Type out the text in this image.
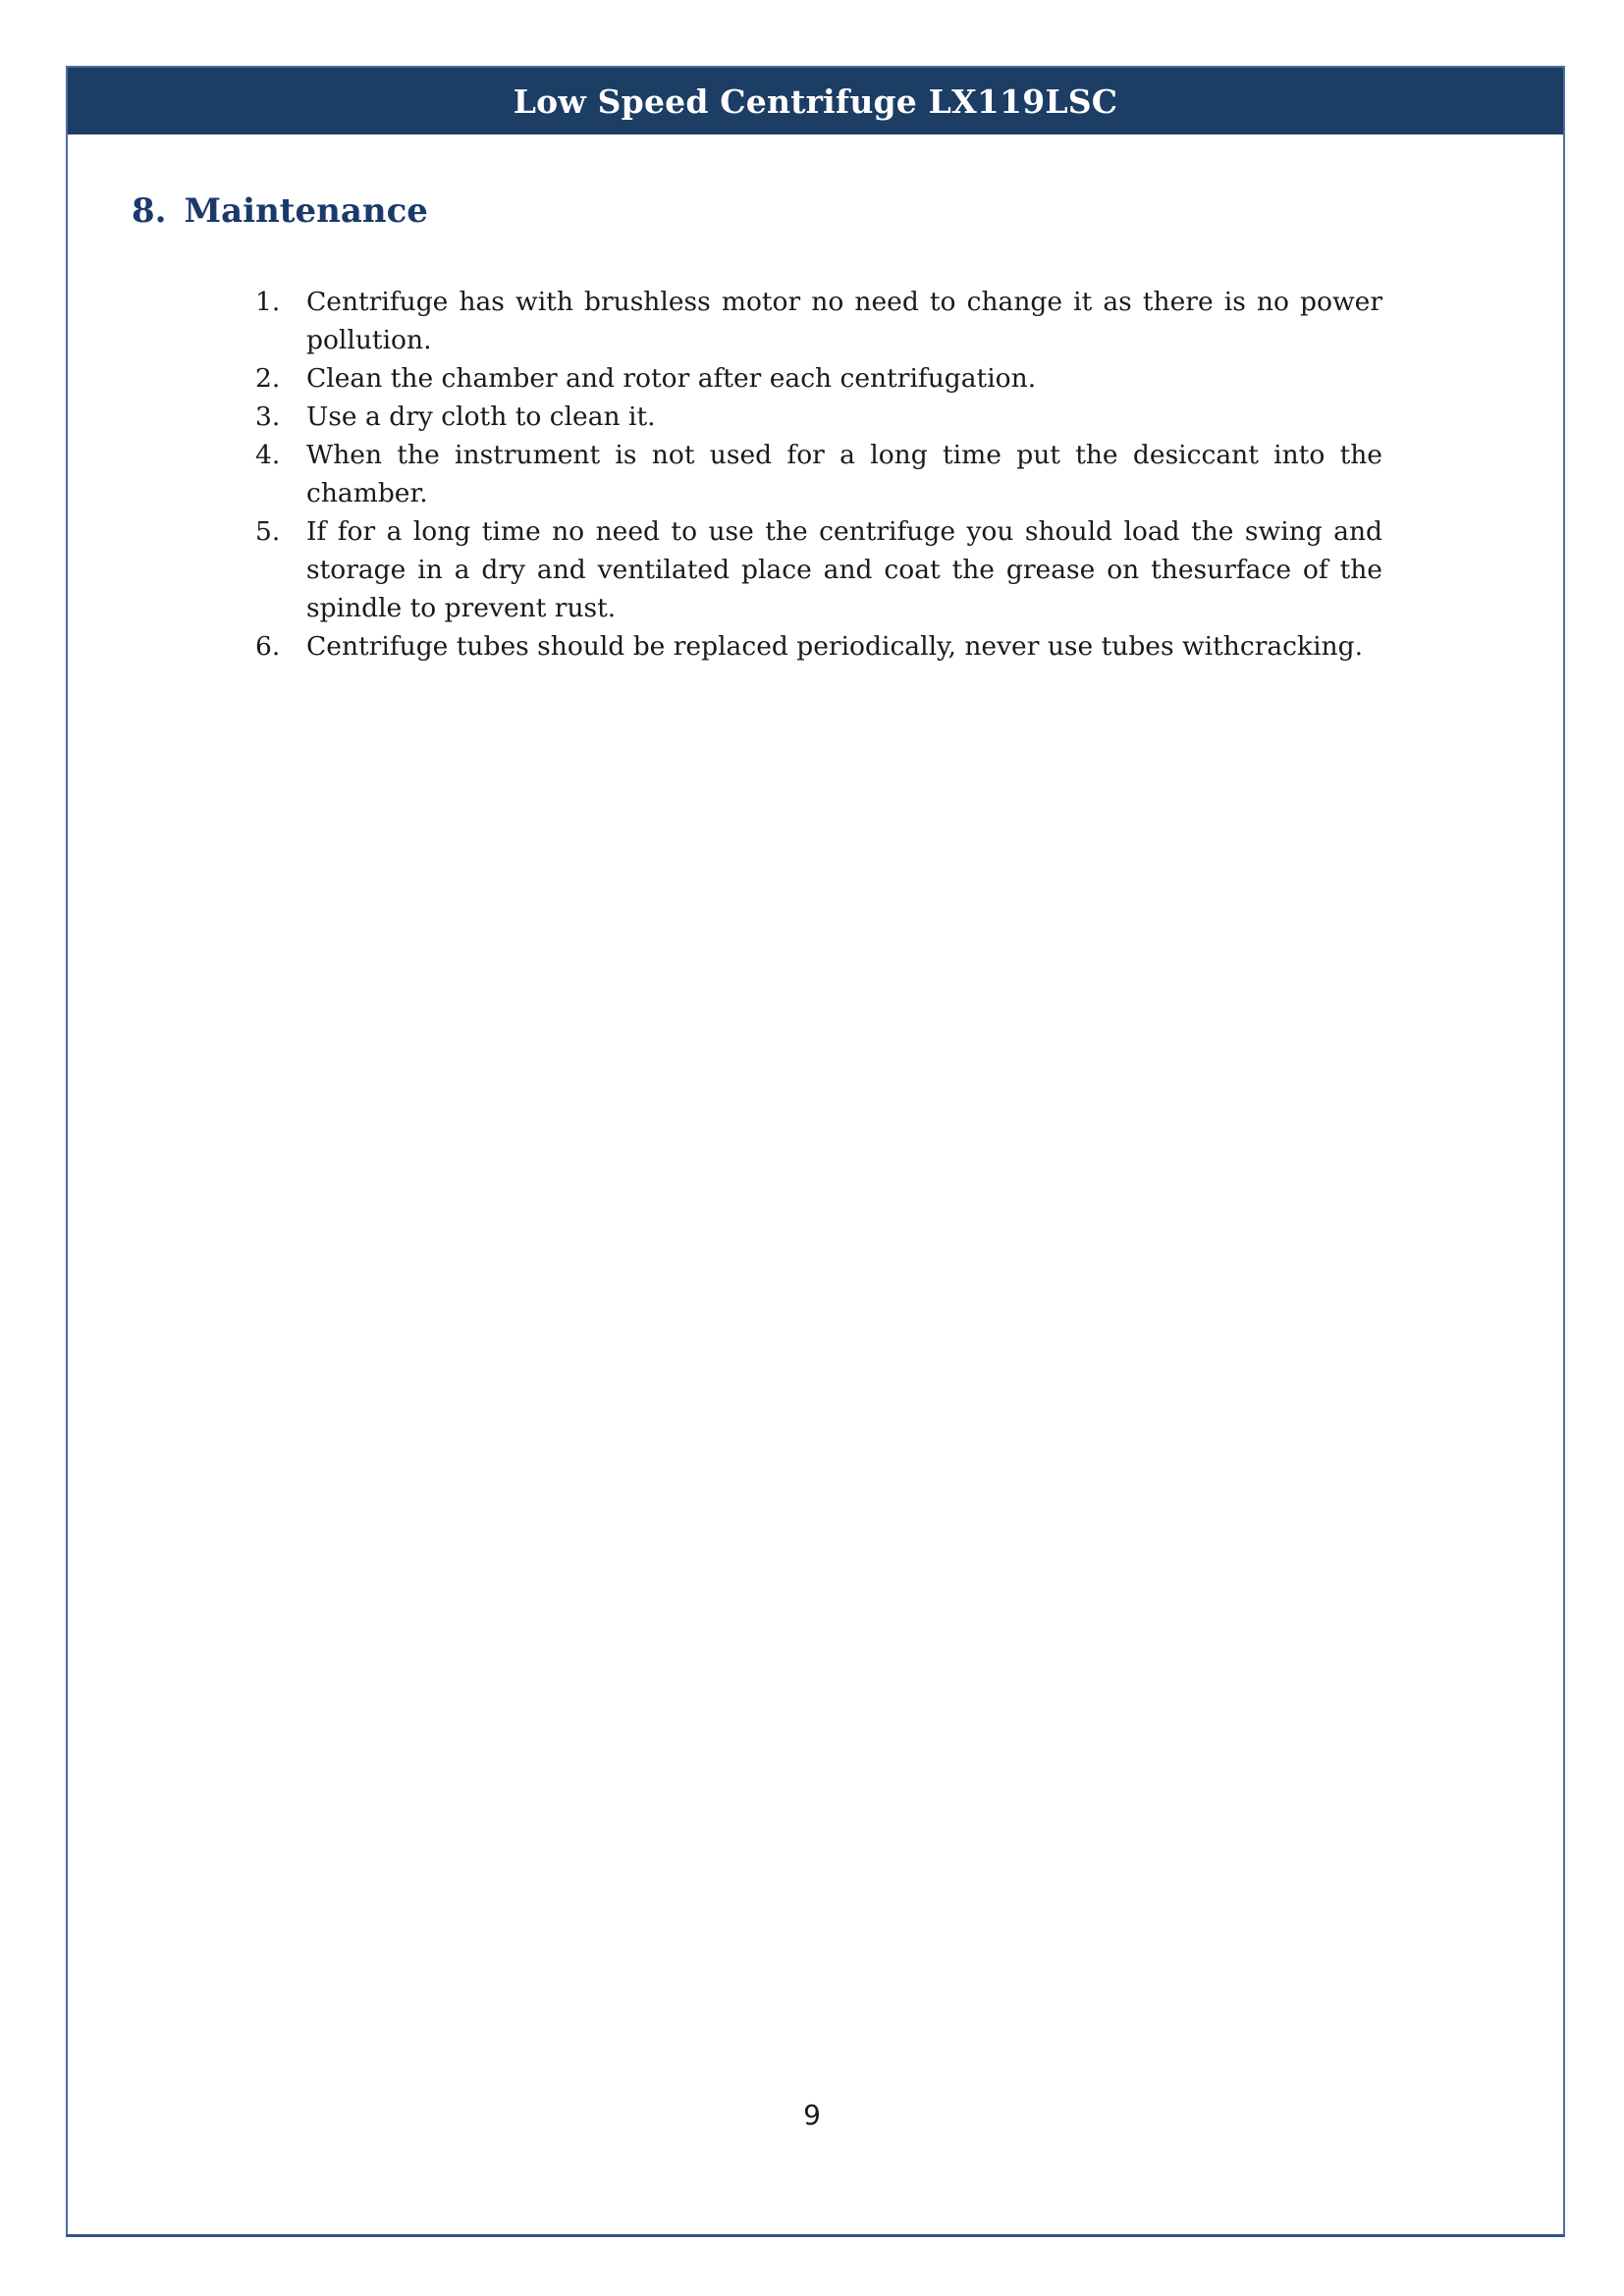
Low Speed Centrifuge LX119LSC
8. Maintenance
1. Centrifuge has with brushless motor no need to change it as there is no power pollution.
2. Clean the chamber and rotor after each centrifugation.
3. Use a dry cloth to clean it.
4. When the instrument is not used for a long time put the desiccant into the chamber.
5. If for a long time no need to use the centrifuge you should load the swing and storage in a dry and ventilated place and coat the grease on thesurface of the spindle to prevent rust.
6. Centrifuge tubes should be replaced periodically, never use tubes withcracking.
9
